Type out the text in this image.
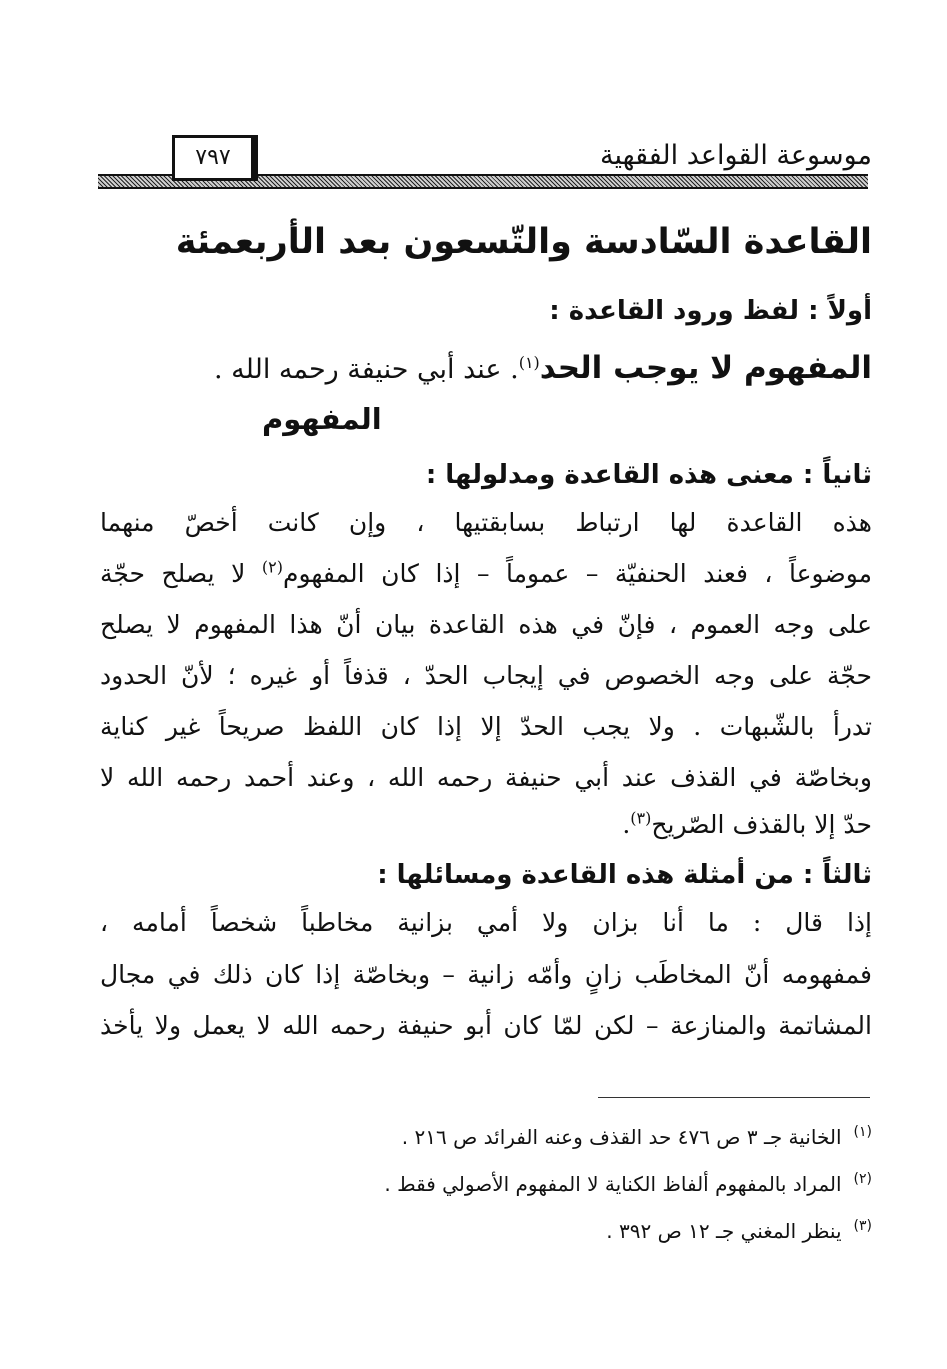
موسوعة القواعد الفقهية
٧٩٧
القاعدة السّادسة والتّسعون بعد الأربعمئة
أولاً : لفظ ورود القاعدة :
المفهوم لا يوجب الحد$^{(١)}$. عند أبي حنيفة رحمه الله .
المفهوم
ثانياً : معنى هذه القاعدة ومدلولها :
هذه القاعدة لها ارتباط بسابقتيها ، وإن كانت أخصّ منهما
موضوعاً ، فعند الحنفيّة – عموماً – إذا كان المفهوم$^{(٢)}$ لا يصلح حجّة
على وجه العموم ، فإنّ في هذه القاعدة بيان أنّ هذا المفهوم لا يصلح
حجّة على وجه الخصوص في إيجاب الحدّ ، قذفاً أو غيره ؛ لأنّ الحدود
تدرأ بالشّبهات . ولا يجب الحدّ إلا إذا كان اللفظ صريحاً غير كناية
وبخاصّة في القذف عند أبي حنيفة رحمه الله ، وعند أحمد رحمه الله لا
حدّ إلا بالقذف الصّريح$^{(٣)}$.
ثالثاً : من أمثلة هذه القاعدة ومسائلها :
إذا قال : ما أنا بزان ولا أمي بزانية مخاطباً شخصاً أمامه ،
فمفهومه أنّ المخاطَب زانٍ وأمّه زانية – وبخاصّة إذا كان ذلك في مجال
المشاتمة والمنازعة – لكن لمّا كان أبو حنيفة رحمه الله لا يعمل ولا يأخذ
$^{(١)}$الخانية جـ ٣ ص ٤٧٦ حد القذف وعنه الفرائد ص ٢١٦ .
$^{(٢)}$المراد بالمفهوم ألفاظ الكناية لا المفهوم الأصولي فقط .
$^{(٣)}$ينظر المغني جـ ١٢ ص ٣٩٢ .
